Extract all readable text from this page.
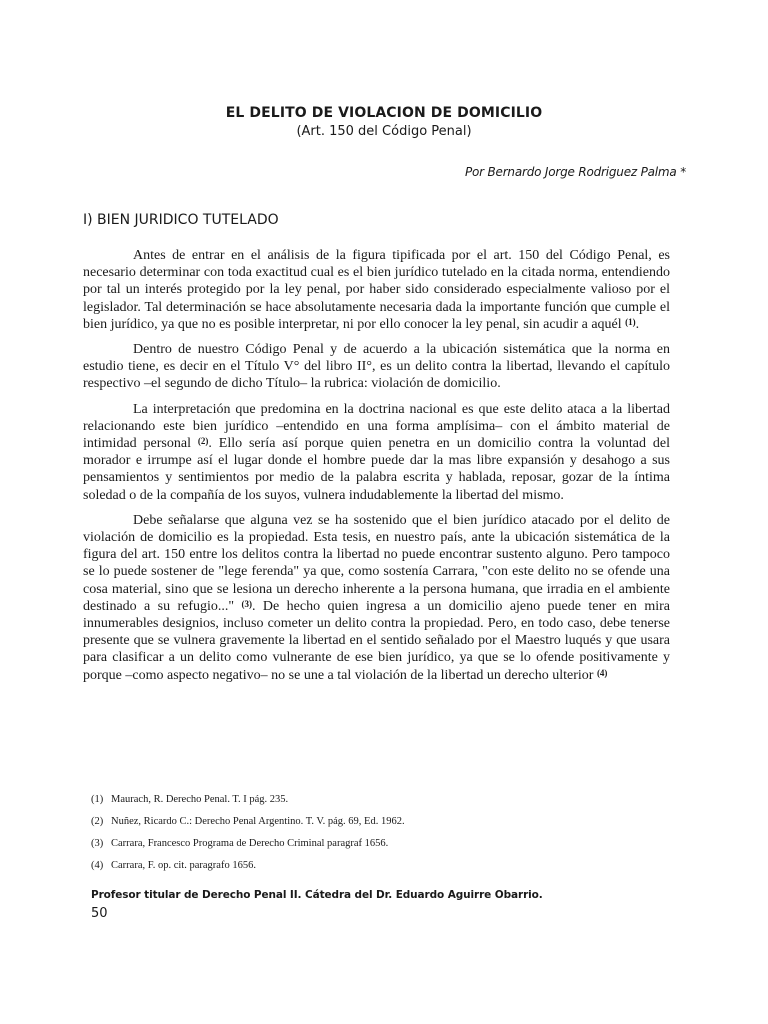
EL DELITO DE VIOLACION DE DOMICILIO
(Art. 150 del Código Penal)
Por Bernardo Jorge Rodriguez Palma *
I) BIEN JURIDICO TUTELADO

Antes de entrar en el análisis de la figura tipificada por el art. 150 del Código Penal, es necesario determinar con toda exactitud cual es el bien jurídico tutelado en la citada norma, entendiendo por tal un interés protegido por la ley penal, por haber sido considerado especialmente valioso por el legislador. Tal determinación se hace absolutamente necesaria dada la importante función que cumple el bien jurídico, ya que no es posible interpretar, ni por ello conocer la ley penal, sin acudir a aquél $^{(1)}$.

Dentro de nuestro Código Penal y de acuerdo a la ubicación sistemática que la norma en estudio tiene, es decir en el Título V° del libro II°, es un delito contra la libertad, llevando el capítulo respectivo –el segundo de dicho Título– la rubrica: violación de domicilio.

La interpretación que predomina en la doctrina nacional es que este delito ataca a la libertad relacionando este bien jurídico –entendido en una forma amplísima– con el ámbito material de intimidad personal $^{(2)}$. Ello sería así porque quien penetra en un domicilio contra la voluntad del morador e irrumpe así el lugar donde el hombre puede dar la mas libre expansión y desahogo a sus pensamientos y sentimientos por medio de la palabra escrita y hablada, reposar, gozar de la íntima soledad o de la compañía de los suyos, vulnera indudablemente la libertad del mismo.

Debe señalarse que alguna vez se ha sostenido que el bien jurídico atacado por el delito de violación de domicilio es la propiedad. Esta tesis, en nuestro país, ante la ubicación sistemática de la figura del art. 150 entre los delitos contra la libertad no puede encontrar sustento alguno. Pero tampoco se lo puede sostener de "lege ferenda" ya que, como sostenía Carrara, "con este delito no se ofende una cosa material, sino que se lesiona un derecho inherente a la persona humana, que irradia en el ambiente destinado a su refugio..." $^{(3)}$. De hecho quien ingresa a un domicilio ajeno puede tener en mira innumerables designios, incluso cometer un delito contra la propiedad. Pero, en todo caso, debe tenerse presente que se vulnera gravemente la libertad en el sentido señalado por el Maestro luqués y que usara para clasificar a un delito como vulnerante de ese bien jurídico, ya que se lo ofende positivamente y porque –como aspecto negativo– no se une a tal violación de la libertad un derecho ulterior $^{(4)}$

(1) Maurach, R. Derecho Penal. T. I pág. 235.
(2) Nuñez, Ricardo C.: Derecho Penal Argentino. T. V. pág. 69, Ed. 1962.
(3) Carrara, Francesco Programa de Derecho Criminal paragraf 1656.
(4) Carrara, F. op. cit. paragrafo 1656.
Profesor titular de Derecho Penal II. Cátedra del Dr. Eduardo Aguirre Obarrio.
50
